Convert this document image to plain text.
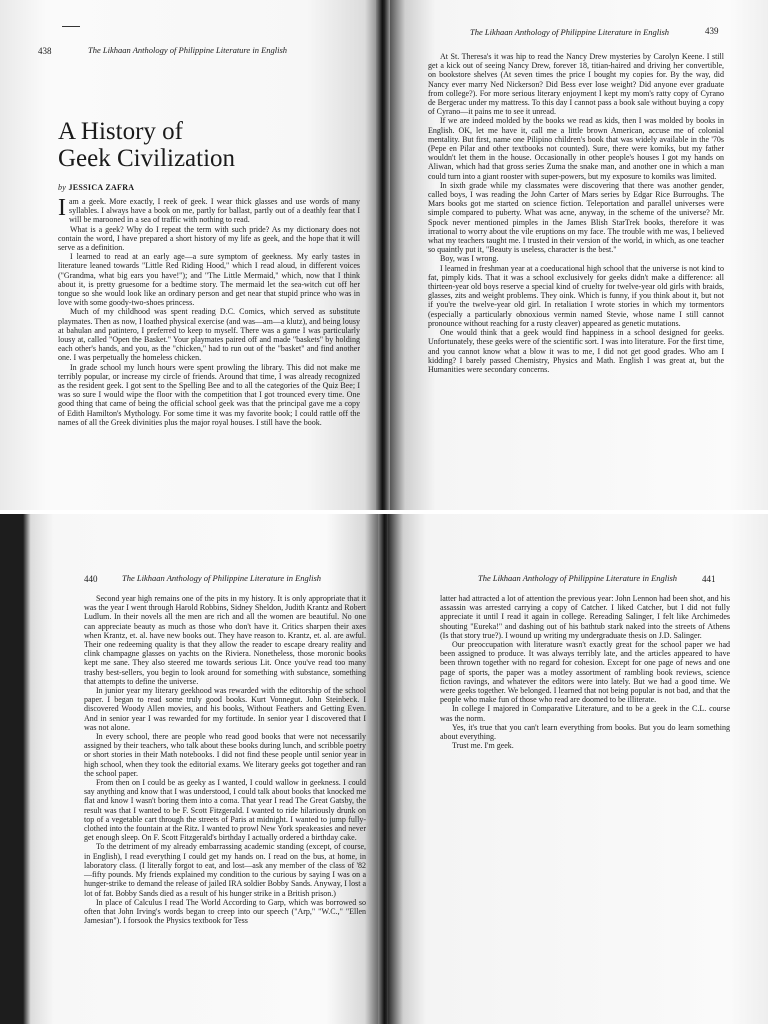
438	The Likhaan Anthology of Philippine Literature in English
A History of
Geek Civilization
by JESSICA ZAFRA

Iam a geek. More exactly, I reek of geek. I wear thick glasses and use words of many syllables. I always have a book on me, partly for ballast, partly out of a deathly fear that I will be marooned in a sea of traffic with nothing to read.

What is a geek? Why do I repeat the term with such pride? As my dictionary does not contain the word, I have prepared a short history of my life as geek, and the hope that it will serve as a definition.

I learned to read at an early age—a sure symptom of geekness. My early tastes in literature leaned towards "Little Red Riding Hood," which I read aloud, in different voices ("Grandma, what big ears you have!"); and "The Little Mermaid," which, now that I think about it, is pretty gruesome for a bedtime story. The mermaid let the sea-witch cut off her tongue so she would look like an ordinary person and get near that stupid prince who was in love with some goody-two-shoes princess.

Much of my childhood was spent reading D.C. Comics, which served as substitute playmates. Then as now, I loathed physical exercise (and was—am—a klutz), and being lousy at bahulan and patintero, I preferred to keep to myself. There was a game I was particularly lousy at, called "Open the Basket." Your playmates paired off and made "baskets" by holding each other's hands, and you, as the "chicken," had to run out of the "basket" and find another one. I was perpetually the homeless chicken.

In grade school my lunch hours were spent prowling the library. This did not make me terribly popular, or increase my circle of friends. Around that time, I was already recognized as the resident geek. I got sent to the Spelling Bee and to all the categories of the Quiz Bee; I was so sure I would wipe the floor with the competition that I got trounced every time. One good thing that came of being the official school geek was that the principal gave me a copy of Edith Hamilton's Mythology. For some time it was my favorite book; I could rattle off the names of all the Greek divinities plus the major royal houses. I still have the book.

The Likhaan Anthology of Philippine Literature in English	439

At St. Theresa's it was hip to read the Nancy Drew mysteries by Carolyn Keene. I still get a kick out of seeing Nancy Drew, forever 18, titian-haired and driving her convertible, on bookstore shelves (At seven times the price I bought my copies for. By the way, did Nancy ever marry Ned Nickerson? Did Bess ever lose weight? Did anyone ever graduate from college?). For more serious literary enjoyment I kept my mom's ratty copy of Cyrano de Bergerac under my mattress. To this day I cannot pass a book sale without buying a copy of Cyrano—it pains me to see it unread.

If we are indeed molded by the books we read as kids, then I was molded by books in English. OK, let me have it, call me a little brown American, accuse me of colonial mentality. But first, name one Pilipino children's book that was widely available in the '70s (Pepe en Pilar and other textbooks not counted). Sure, there were komiks, but my father wouldn't let them in the house. Occasionally in other people's houses I got my hands on Aliwan, which had that gross series Zuma the snake man, and another one in which a man could turn into a giant rooster with super-powers, but my exposure to komiks was limited.

In sixth grade while my classmates were discovering that there was another gender, called boys, I was reading the John Carter of Mars series by Edgar Rice Burroughs. The Mars books got me started on science fiction. Teleportation and parallel universes were simple compared to puberty. What was acne, anyway, in the scheme of the universe? Mr. Spock never mentioned pimples in the James Blish StarTrek books, therefore it was irrational to worry about the vile eruptions on my face. The trouble with me was, I believed what my teachers taught me. I trusted in their version of the world, in which, as one teacher so quaintly put it, "Beauty is useless, character is the best."

Boy, was I wrong.

I learned in freshman year at a coeducational high school that the universe is not kind to fat, pimply kids. That it was a school exclusively for geeks didn't make a difference: all thirteen-year old boys reserve a special kind of cruelty for twelve-year old girls with braids, glasses, zits and weight problems. They oink. Which is funny, if you think about it, but not if you're the twelve-year old girl. In retaliation I wrote stories in which my tormentors (especially a particularly obnoxious vermin named Stevie, whose name I still cannot pronounce without reaching for a rusty cleaver) appeared as genetic mutations.

One would think that a geek would find happiness in a school designed for geeks. Unfortunately, these geeks were of the scientific sort. I was into literature. For the first time, and you cannot know what a blow it was to me, I did not get good grades. Who am I kidding? I barely passed Chemistry, Physics and Math. English I was great at, but the Humanities were secondary concerns.

440	The Likhaan Anthology of Philippine Literature in English

Second year high remains one of the pits in my history. It is only appropriate that it was the year I went through Harold Robbins, Sidney Sheldon, Judith Krantz and Robert Ludlum. In their novels all the men are rich and all the women are beautiful. No one can appreciate beauty as much as those who don't have it. Critics sharpen their axes when Krantz, et. al. have new books out. They have reason to. Krantz, et. al. are awful. Their one redeeming quality is that they allow the reader to escape dreary reality and clink champagne glasses on yachts on the Riviera. Nonetheless, those moronic books kept me sane. They also steered me towards serious Lit. Once you've read too many trashy best-sellers, you begin to look around for something with substance, something that attempts to define the universe.

In junior year my literary geekhood was rewarded with the editorship of the school paper. I began to read some truly good books. Kurt Vonnegut. John Steinbeck. I discovered Woody Allen movies, and his books, Without Feathers and Getting Even. And in senior year I was rewarded for my fortitude. In senior year I discovered that I was not alone.

In every school, there are people who read good books that were not necessarily assigned by their teachers, who talk about these books during lunch, and scribble poetry or short stories in their Math notebooks. I did not find these people until senior year in high school, when they took the editorial exams. We literary geeks got together and ran the school paper.

From then on I could be as geeky as I wanted, I could wallow in geekness. I could say anything and know that I was understood, I could talk about books that knocked me flat and know I wasn't boring them into a coma. That year I read The Great Gatsby, the result was that I wanted to be F. Scott Fitzgerald. I wanted to ride hilariously drunk on top of a vegetable cart through the streets of Paris at midnight. I wanted to jump fully-clothed into the fountain at the Ritz. I wanted to prowl New York speakeasies and never get enough sleep. On F. Scott Fitzgerald's birthday I actually ordered a birthday cake.

To the detriment of my already embarrassing academic standing (except, of course, in English), I read everything I could get my hands on. I read on the bus, at home, in laboratory class. (I literally forgot to eat, and lost—ask any member of the class of '82—fifty pounds. My friends explained my condition to the curious by saying I was on a hunger-strike to demand the release of jailed IRA soldier Bobby Sands. Anyway, I lost a lot of fat. Bobby Sands died as a result of his hunger strike in a British prison.)

In place of Calculus I read The World According to Garp, which was borrowed so often that John Irving's words began to creep into our speech ("Arp," "W.C.," "Ellen Jamesian"). I forsook the Physics textbook for Tess

The Likhaan Anthology of Philippine Literature in English	441

latter had attracted a lot of attention the previous year: John Lennon had been shot, and his assassin was arrested carrying a copy of Catcher. I liked Catcher, but I did not fully appreciate it until I read it again in college. Rereading Salinger, I felt like Archimedes shouting "Eureka!" and dashing out of his bathtub stark naked into the streets of Athens (Is that story true?). I wound up writing my undergraduate thesis on J.D. Salinger.

Our preoccupation with literature wasn't exactly great for the school paper we had been assigned to produce. It was always terribly late, and the articles appeared to have been thrown together with no regard for cohesion. Except for one page of news and one page of sports, the paper was a motley assortment of rambling book reviews, science fiction ravings, and whatever the editors were into lately. But we had a good time. We were geeks together. We belonged. I learned that not being popular is not bad, and that the people who make fun of those who read are doomed to be illiterate.

In college I majored in Comparative Literature, and to be a geek in the C.L. course was the norm.

Yes, it's true that you can't learn everything from books. But you do learn something about everything.

Trust me. I'm geek.
